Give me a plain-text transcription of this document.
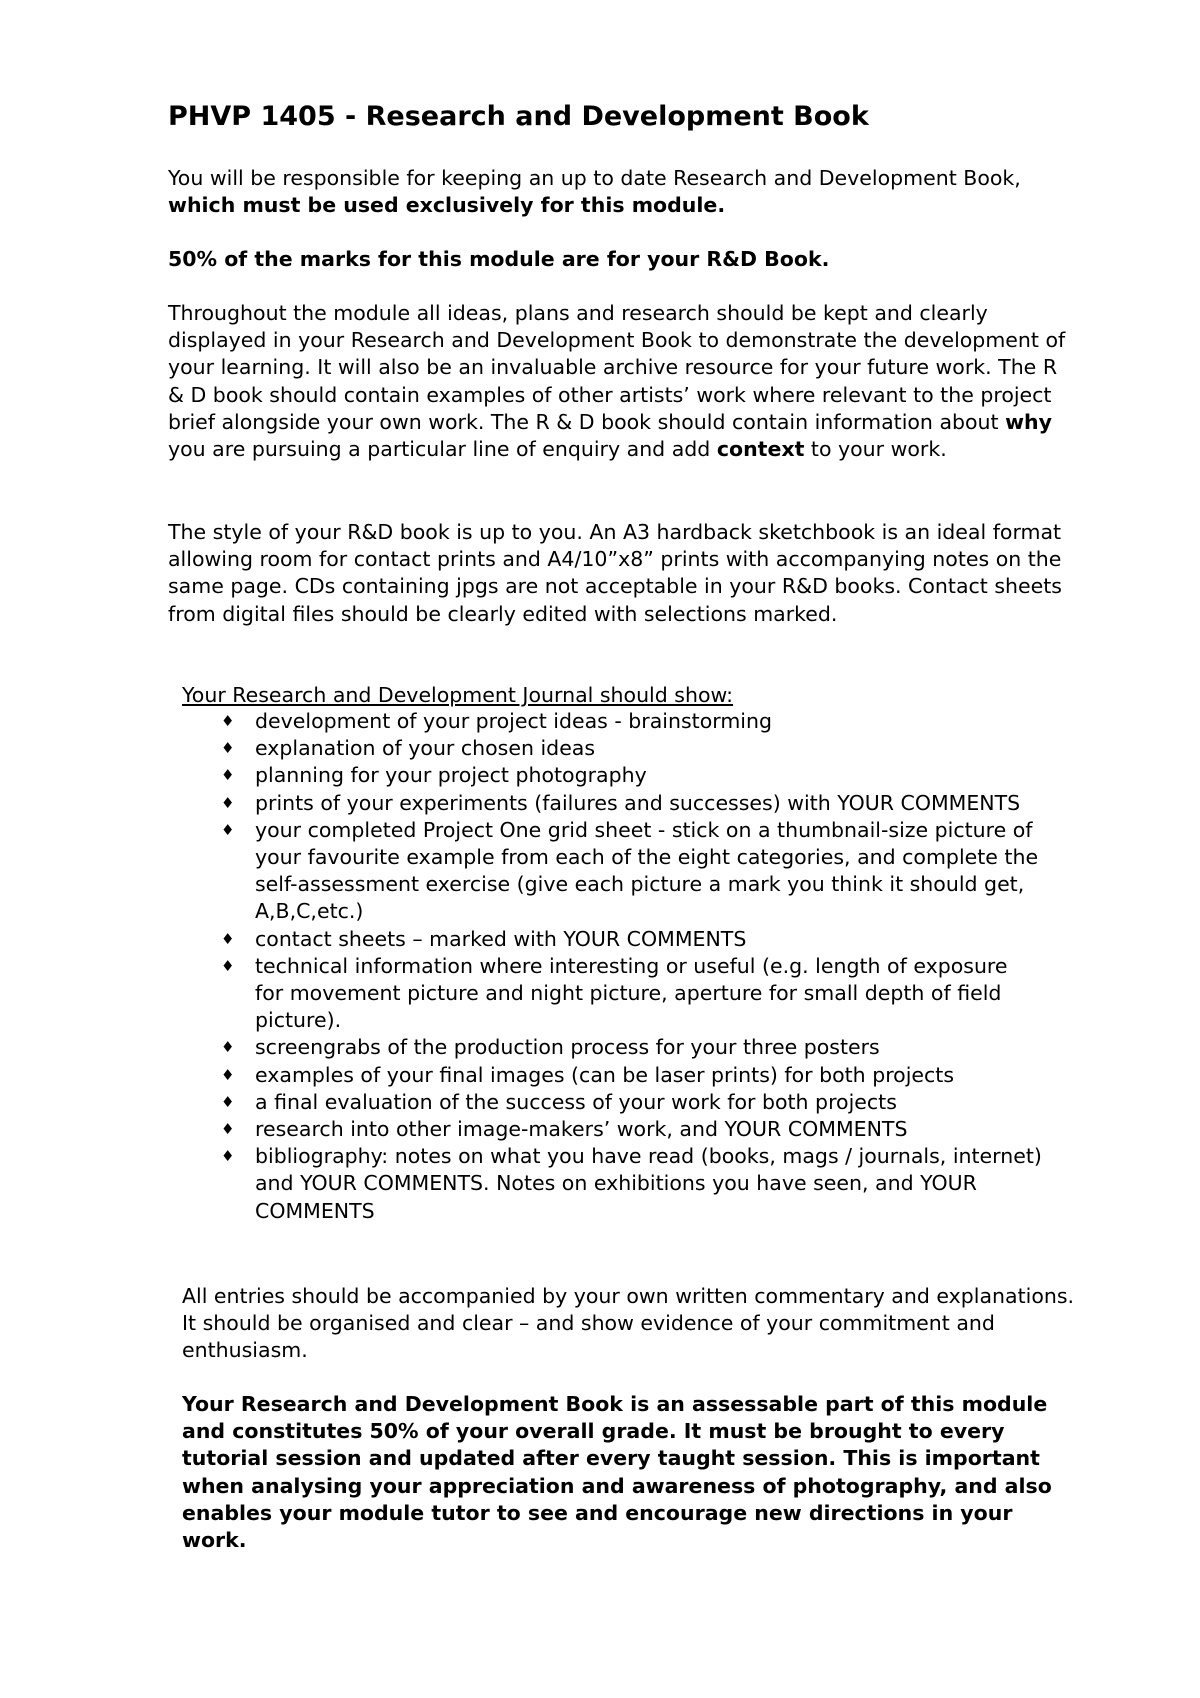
PHVP 1405 - Research and Development Book

You will be responsible for keeping an up to date Research and Development Book, which must be used exclusively for this module.

50% of the marks for this module are for your R&D Book.

Throughout the module all ideas, plans and research should be kept and clearly displayed in your Research and Development Book to demonstrate the development of your learning. It will also be an invaluable archive resource for your future work. The R & D book should contain examples of other artists’ work where relevant to the project brief alongside your own work. The R & D book should contain information about why you are pursuing a particular line of enquiry and add context to your work.

The style of your R&D book is up to you. An A3 hardback sketchbook is an ideal format allowing room for contact prints and A4/10”x8” prints with accompanying notes on the same page. CDs containing jpgs are not acceptable in your R&D books. Contact sheets from digital files should be clearly edited with selections marked.

Your Research and Development Journal should show:

♦ development of your project ideas - brainstorming
♦ explanation of your chosen ideas
♦ planning for your project photography
♦ prints of your experiments (failures and successes) with YOUR COMMENTS
♦ your completed Project One grid sheet - stick on a thumbnail-size picture of your favourite example from each of the eight categories, and complete the self-assessment exercise (give each picture a mark you think it should get, A,B,C,etc.)
♦ contact sheets – marked with YOUR COMMENTS
♦ technical information where interesting or useful (e.g. length of exposure for movement picture and night picture, aperture for small depth of field picture).
♦ screengrabs of the production process for your three posters
♦ examples of your final images (can be laser prints) for both projects
♦ a final evaluation of the success of your work for both projects
♦ research into other image-makers’ work, and YOUR COMMENTS
♦ bibliography: notes on what you have read (books, mags / journals, internet) and YOUR COMMENTS. Notes on exhibitions you have seen, and YOUR COMMENTS

All entries should be accompanied by your own written commentary and explanations. It should be organised and clear – and show evidence of your commitment and enthusiasm.

Your Research and Development Book is an assessable part of this module and constitutes 50% of your overall grade. It must be brought to every tutorial session and updated after every taught session. This is important when analysing your appreciation and awareness of photography, and also enables your module tutor to see and encourage new directions in your work.
